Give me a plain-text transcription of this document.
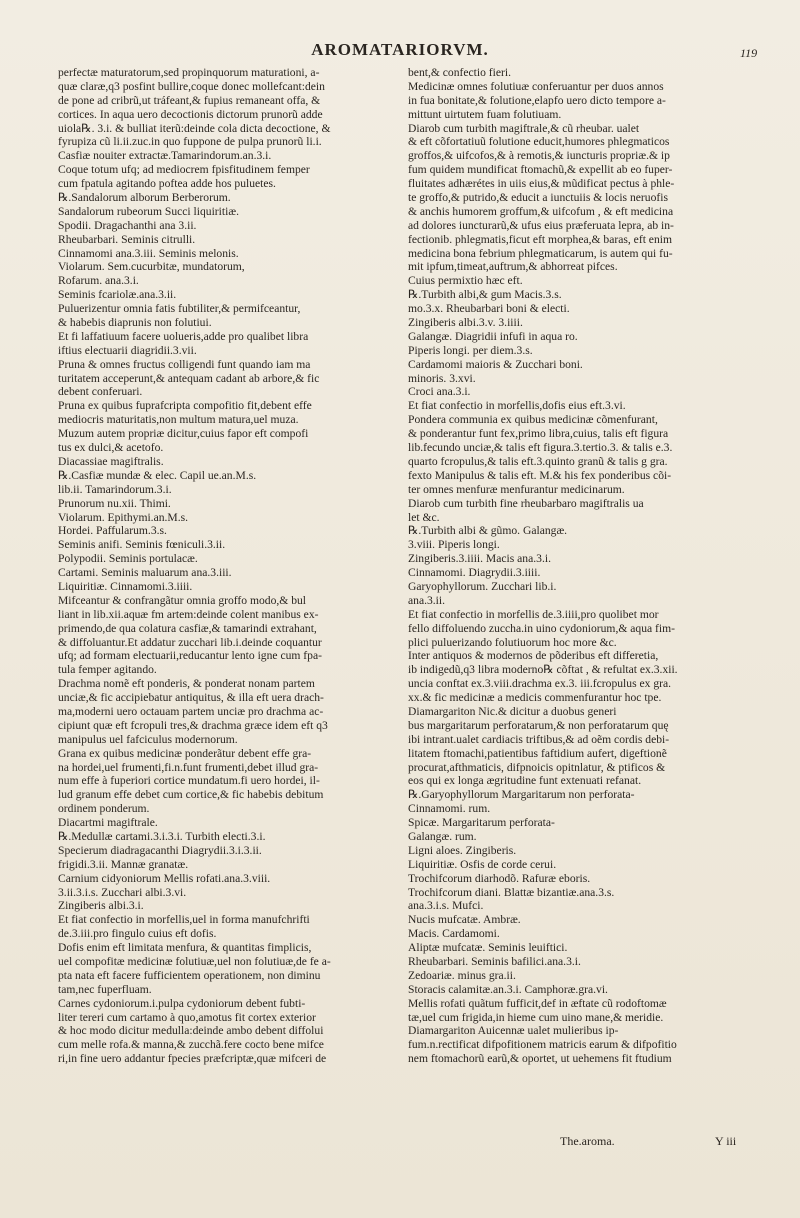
AROMATARIORVM.	119
perfectæ maturatorum,sed propinquorum maturationi, a-
quæ claræ,q3 posfint bullire,coque donec mollefcant:dein
de pone ad cribrũ,ut tráfeant,& fupius remaneant offa, &
cortices. In aqua uero decoctionis dictorum prunorũ adde
uiola℞. 3.i. & bulliat iterũ:deinde cola dicta decoctione, &
fyrupiza cũ li.ii.zuc.in quo fuppone de pulpa prunorũ li.i.
Casfiæ nouiter extractæ.Tamarindorum.an.3.i.
Coque totum ufq; ad mediocrem fpisfitudinem femper
cum fpatula agitando poftea adde hos puluetes.
℞.Sandalorum alborum Berberorum.
Sandalorum rubeorum Succi liquiritiæ.
Spodii. Dragachanthi ana 3.ii.
Rheubarbari. Seminis citrulli.
Cinnamomi ana.3.iii. Seminis melonis.
Violarum. Sem.cucurbitæ, mundatorum,
Rofarum. ana.3.i.
Seminis fcariolæ.ana.3.ii.
Puluerizentur omnia fatis fubtiliter,& permifceantur,
& habebis diaprunis non folutiui.
Et fi laffatiuum facere uolueris,adde pro qualibet libra
iftius electuarii diagridii.3.vii.
Pruna & omnes fructus colligendi funt quando iam ma
turitatem acceperunt,& antequam cadant ab arbore,& fic
debent conferuari.
Pruna ex quibus fuprafcripta compofitio fit,debent effe
mediocris maturitatis,non multum matura,uel muza.
Muzum autem propriæ dicitur,cuius fapor eft compofi
tus ex dulci,& acetofo.
Diacassiae magiftralis.
℞.Casfiæ mundæ & elec. Capil ue.an.M.s.
lib.ii. Tamarindorum.3.i.
Prunorum nu.xii. Thimi.
Violarum. Epithymi.an.M.s.
Hordei. Paffularum.3.s.
Seminis anifi. Seminis fœniculi.3.ii.
Polypodii. Seminis portulacæ.
Cartami. Seminis maluarum ana.3.iii.
Liquiritiæ. Cinnamomi.3.iiii.
Mifceantur & confrangãtur omnia groffo modo,& bul
liant in lib.xii.aquæ fm artem:deinde colent manibus ex-
primendo,de qua colatura casfiæ,& tamarindi extrahant,
& diffoluantur.Et addatur zucchari lib.i.deinde coquantur
ufq; ad formam electuarii,reducantur lento igne cum fpa-
tula femper agitando.
Drachma nomẽ eft ponderis, & ponderat nonam partem
unciæ,& fic accipiebatur antiquitus, & illa eft uera drach-
ma,moderni uero octauam partem unciæ pro drachma ac-
cipiunt quæ eft fcropuli tres,& drachma græce idem eft q3
manipulus uel fafciculus modernorum.
Grana ex quibus medicinæ ponderãtur debent effe gra-
na hordei,uel frumenti,fi.n.funt frumenti,debet illud gra-
num effe à fuperiori cortice mundatum.fi uero hordei, il-
lud granum effe debet cum cortice,& fic habebis debitum
ordinem ponderum.
Diacartmi magiftrale.
℞.Medullæ cartami.3.i.3.i. Turbith electi.3.i.
Specierum diadragacanthi Diagrydii.3.i.3.ii.
frigidi.3.ii. Mannæ granatæ.
Carnium cidyoniorum Mellis rofati.ana.3.viii.
3.ii.3.i.s. Zucchari albi.3.vi.
Zingiberis albi.3.i.
Et fiat confectio in morfellis,uel in forma manufchrifti
de.3.iii.pro fingulo cuius eft dofis.
Dofis enim eft limitata menfura, & quantitas fimplicis,
uel compofitæ medicinæ folutiuæ,uel non folutiuæ,de fe a-
pta nata eft facere fufficientem operationem, non diminu
tam,nec fuperfluam.
Carnes cydoniorum.i.pulpa cydoniorum debent fubti-
liter tereri cum cartamo à quo,amotus fit cortex exterior
& hoc modo dicitur medulla:deinde ambo debent diffolui
cum melle rofa.& manna,& zucchã.fere cocto bene mifce
ri,in fine uero addantur fpecies præfcriptæ,quæ mifceri de
bent,& confectio fieri.
Medicinæ omnes folutiuæ conferuantur per duos annos
in fua bonitate,& folutione,elapfo uero dicto tempore a-
mittunt uirtutem fuam folutiuam.
Diarob cum turbith magiftrale,& cũ rheubar. ualet
& eft cõfortatiuũ folutione educit,humores phlegmaticos
groffos,& uifcofos,& à remotis,& iuncturis propriæ.& ip
fum quidem mundificat ftomachũ,& expellit ab eo fuper-
fluitates adhærétes in uiis eius,& mũdificat pectus à phle-
te groffo,& putrido,& educit a iunctuiis & locis neruofis
& anchis humorem groffum,& uifcofum , & eft medicina
ad dolores iuncturarũ,& ufus eius præferuata lepra, ab in-
fectionib. phlegmatis,ficut eft morphea,& baras, eft enim
medicina bona febrium phlegmaticarum, is autem qui fu-
mit ipfum,timeat,auftrum,& abhorreat pifces.
Cuius permixtio hæc eft.
℞.Turbith albi,& gum Macis.3.s.
mo.3.x. Rheubarbari boni & electi.
Zingiberis albi.3.v. 3.iiii.
Galangæ. Diagridii infufi in aqua ro.
Piperis longi. per diem.3.s.
Cardamomi maioris & Zucchari boni.
minoris. 3.xvi.
Croci ana.3.i.
Et fiat confectio in morfellis,dofis eius eft.3.vi.
Pondera communia ex quibus medicinæ cõmenfurant,
& ponderantur funt fex,primo libra,cuius, talis eft figura
lib.fecundo unciæ,& talis eft figura.3.tertio.3. & talis e.3.
quarto fcropulus,& talis eft.3.quinto granũ & talis g gra.
fexto Manipulus & talis eft. M.& his fex ponderibus cõi-
ter omnes menfuræ menfurantur medicinarum.
Diarob cum turbith fine rheubarbaro magiftralis ua
let &c.
℞.Turbith albi & gũmo. Galangæ.
3.viii. Piperis longi.
Zingiberis.3.iiii. Macis ana.3.i.
Cinnamomi. Diagrydii.3.iiii.
Garyophyllorum. Zucchari lib.i.
ana.3.ii.
Et fiat confectio in morfellis de.3.iiii,pro quolibet mor
fello diffoluendo zuccha.in uino cydoniorum,& aqua fim-
plici puluerizando folutiuorum hoc more &c.
Inter antiquos & modernos de põderibus eft differetia,
ib indigedũ,q3 libra moderno℞ cõftat , & refultat ex.3.xii.
uncia conftat ex.3.viii.drachma ex.3. iii.fcropulus ex gra.
xx.& fic medicinæ a medicis commenfurantur hoc tpe.
Diamargariton Nic.& dicitur a duobus generi
bus margaritarum perforatarum,& non perforatarum quę
ibi intrant.ualet cardiacis triftibus,& ad oẽm cordis debi-
litatem ftomachi,patientibus faftidium aufert, digeftionẽ
procurat,afthmaticis, difpnoicis opitnlatur, & ptificos &
eos qui ex longa ægritudine funt extenuati refanat.
℞.Garyophyllorum Margaritarum non perforata-
Cinnamomi. rum.
Spicæ. Margaritarum perforata-
Galangæ. rum.
Ligni aloes. Zingiberis.
Liquiritiæ. Osfis de corde cerui.
Trochifcorum diarhodõ. Rafuræ eboris.
Trochifcorum diani. Blattæ bizantiæ.ana.3.s.
ana.3.i.s. Mufci.
Nucis mufcatæ. Ambræ.
Macis. Cardamomi.
Aliptæ mufcatæ. Seminis leuiftici.
Rheubarbari. Seminis bafilici.ana.3.i.
Zedoariæ. minus gra.ii.
Storacis calamitæ.an.3.i. Camphoræ.gra.vi.
Mellis rofati quãtum fufficit,def in æftate cũ rodoftomæ
tæ,uel cum frigida,in hieme cum uino mane,& meridie.
Diamargariton Auicennæ ualet mulieribus ip-
fum.n.rectificat difpofitionem matricis earum & difpofitio
nem ftomachorũ earũ,& oportet, ut uehemens fit ftudium
The.aroma.	Y iii
